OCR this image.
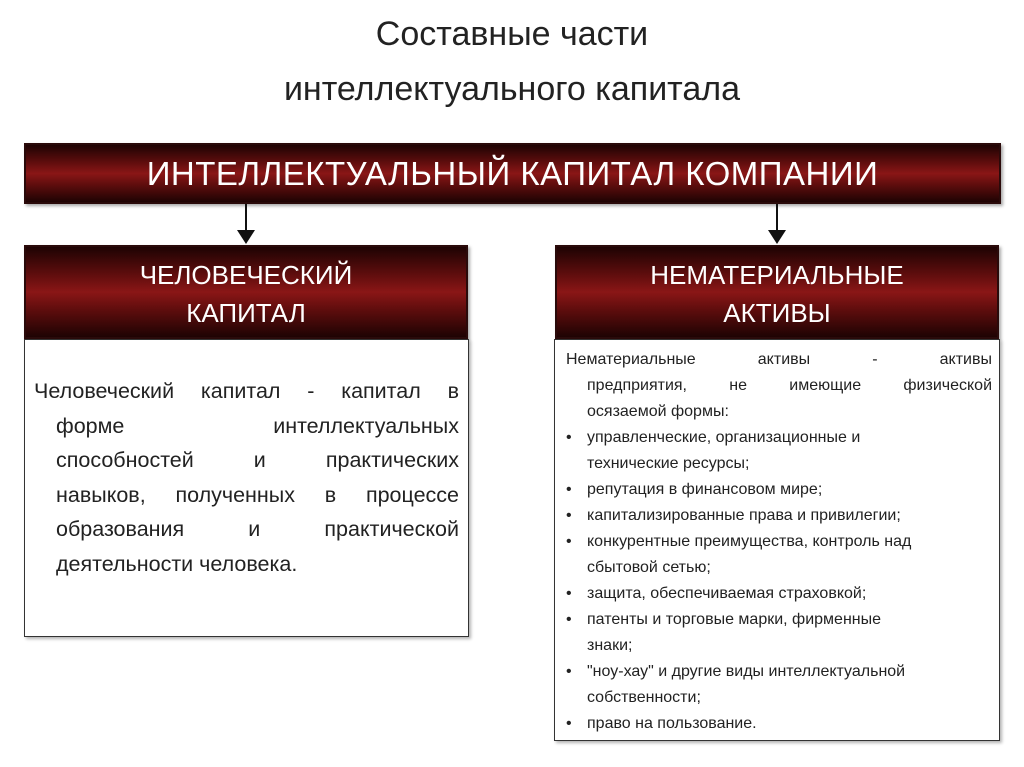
Составные части
интеллектуального капитала
ИНТЕЛЛЕКТУАЛЬНЫЙ КАПИТАЛ КОМПАНИИ
ЧЕЛОВЕЧЕСКИЙ
КАПИТАЛ
Человеческий капитал - капитал в
форме интеллектуальных
способностей и практических
навыков, полученных в процессе
образования и практической
деятельности человека.
НЕМАТЕРИАЛЬНЫЕ
АКТИВЫ
Нематериальные активы - активы
предприятия, не имеющие физической
осязаемой формы:
• управленческие, организационные и
технические ресурсы;
• репутация в финансовом мире;
• капитализированные права и привилегии;
• конкурентные преимущества, контроль над
сбытовой сетью;
• защита, обеспечиваемая страховкой;
• патенты и торговые марки, фирменные
знаки;
• "ноу-хау" и другие виды интеллектуальной
собственности;
• право на пользование.
